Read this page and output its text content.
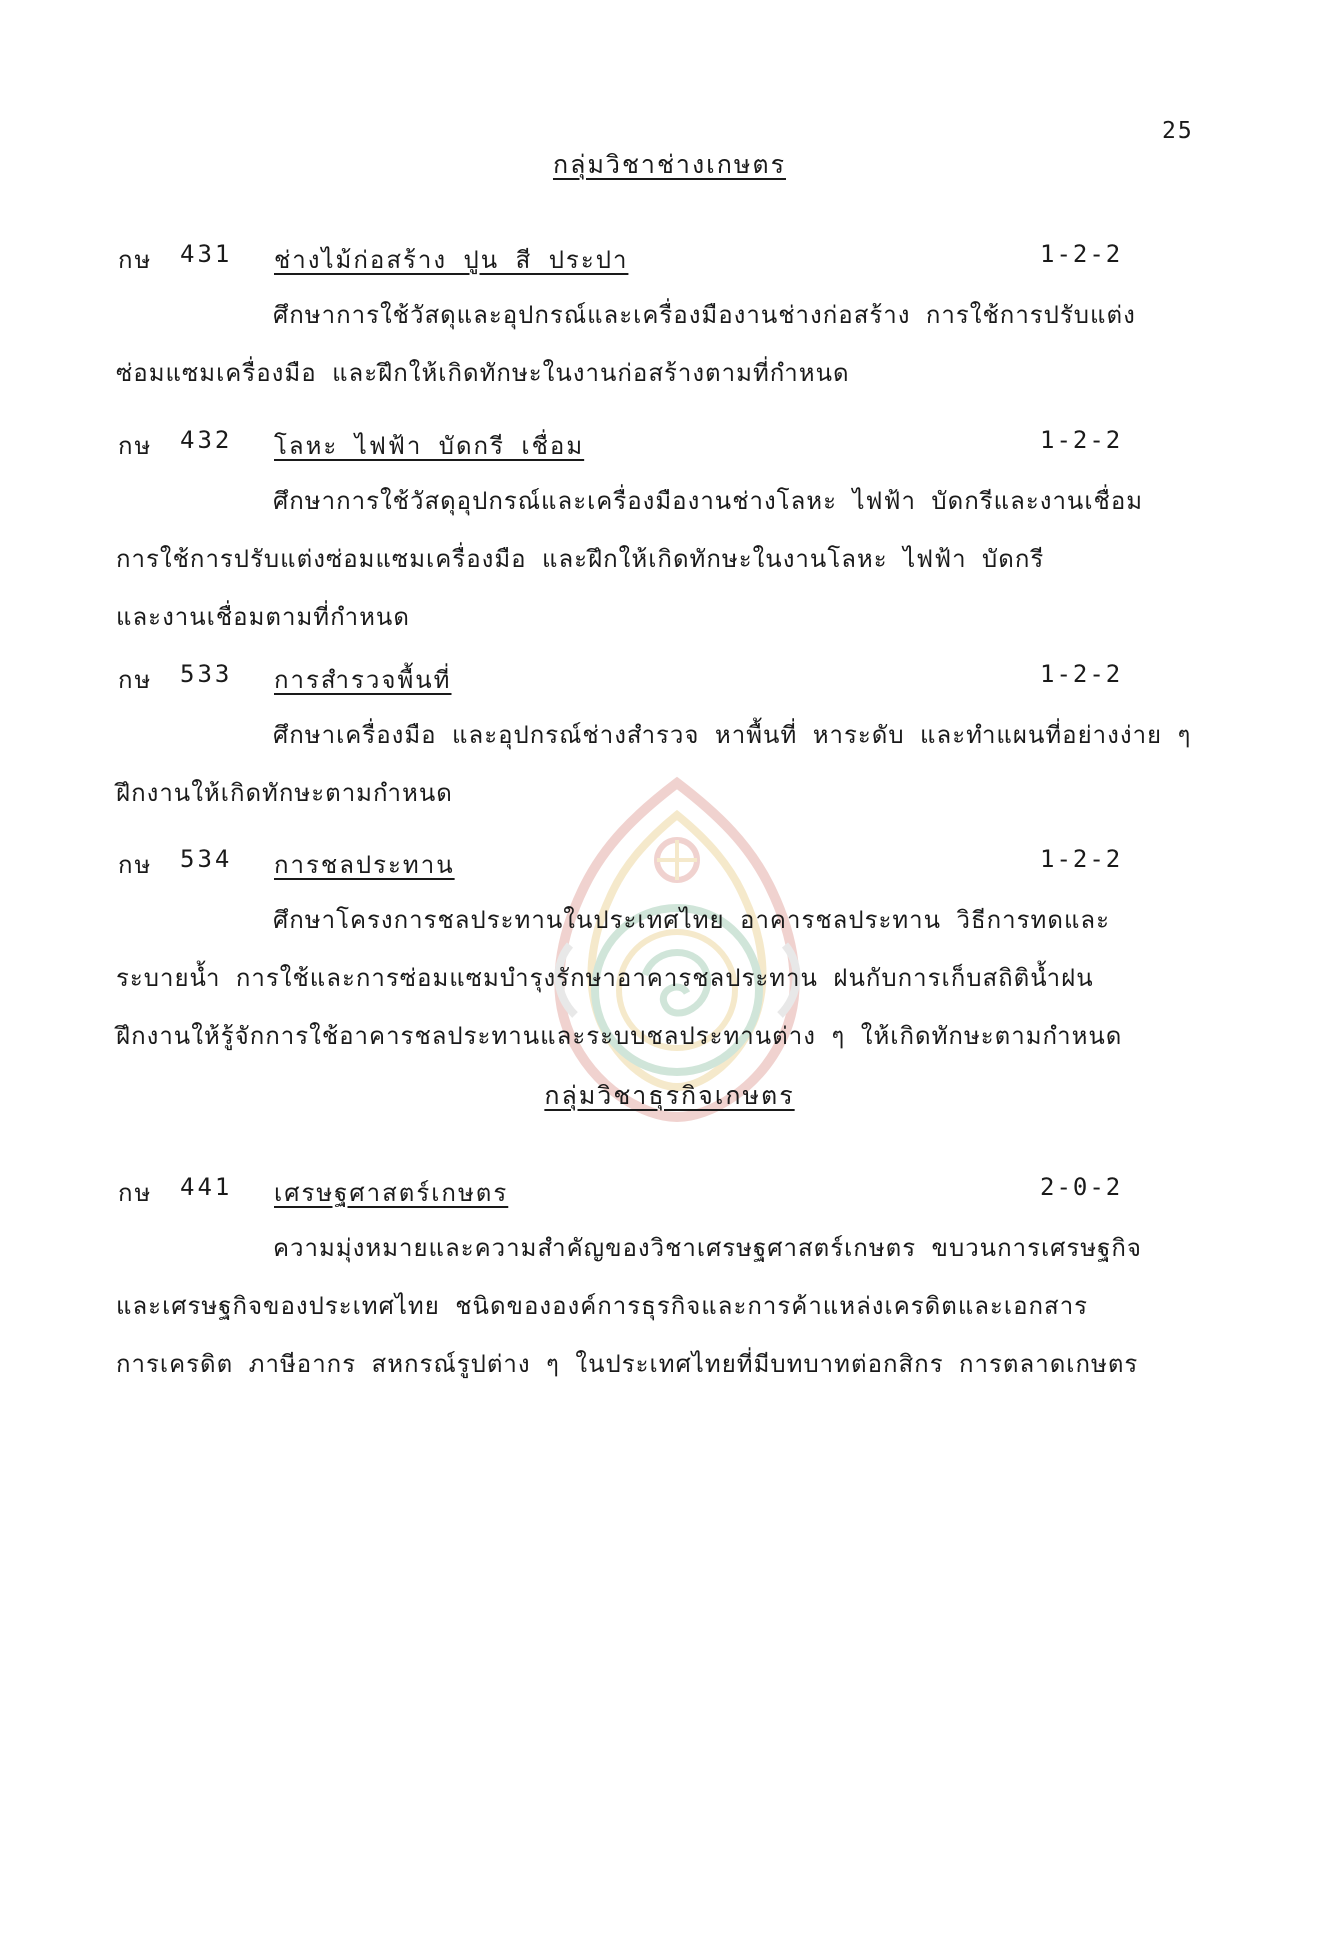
25
กลุ่มวิชาช่างเกษตร
กษ 431 ช่างไม้ก่อสร้าง ปูน สี ประปา	1-2-2
ศึกษาการใช้วัสดุและอุปกรณ์และเครื่องมืองานช่างก่อสร้าง การใช้การปรับแต่ง
ซ่อมแซมเครื่องมือ และฝึกให้เกิดทักษะในงานก่อสร้างตามที่กำหนด
กษ 432 โลหะ ไฟฟ้า บัดกรี เชื่อม	1-2-2
ศึกษาการใช้วัสดุอุปกรณ์และเครื่องมืองานช่างโลหะ ไฟฟ้า บัดกรีและงานเชื่อม
การใช้การปรับแต่งซ่อมแซมเครื่องมือ และฝึกให้เกิดทักษะในงานโลหะ ไฟฟ้า บัดกรี
และงานเชื่อมตามที่กำหนด
กษ 533 การสำรวจพื้นที่	1-2-2
ศึกษาเครื่องมือ และอุปกรณ์ช่างสำรวจ หาพื้นที่ หาระดับ และทำแผนที่อย่างง่าย ๆ
ฝึกงานให้เกิดทักษะตามกำหนด
กษ 534 การชลประทาน	1-2-2
ศึกษาโครงการชลประทานในประเทศไทย อาคารชลประทาน วิธีการทดและ
ระบายน้ำ การใช้และการซ่อมแซมบำรุงรักษาอาคารชลประทาน ฝนกับการเก็บสถิติน้ำฝน
ฝึกงานให้รู้จักการใช้อาคารชลประทานและระบบชลประทานต่าง ๆ ให้เกิดทักษะตามกำหนด
กลุ่มวิชาธุรกิจเกษตร
กษ 441 เศรษฐศาสตร์เกษตร	2-0-2
ความมุ่งหมายและความสำคัญของวิชาเศรษฐศาสตร์เกษตร ขบวนการเศรษฐกิจ
และเศรษฐกิจของประเทศไทย ชนิดขององค์การธุรกิจและการค้าแหล่งเครดิตและเอกสาร
การเครดิต ภาษีอากร สหกรณ์รูปต่าง ๆ ในประเทศไทยที่มีบทบาทต่อกสิกร การตลาดเกษตร
